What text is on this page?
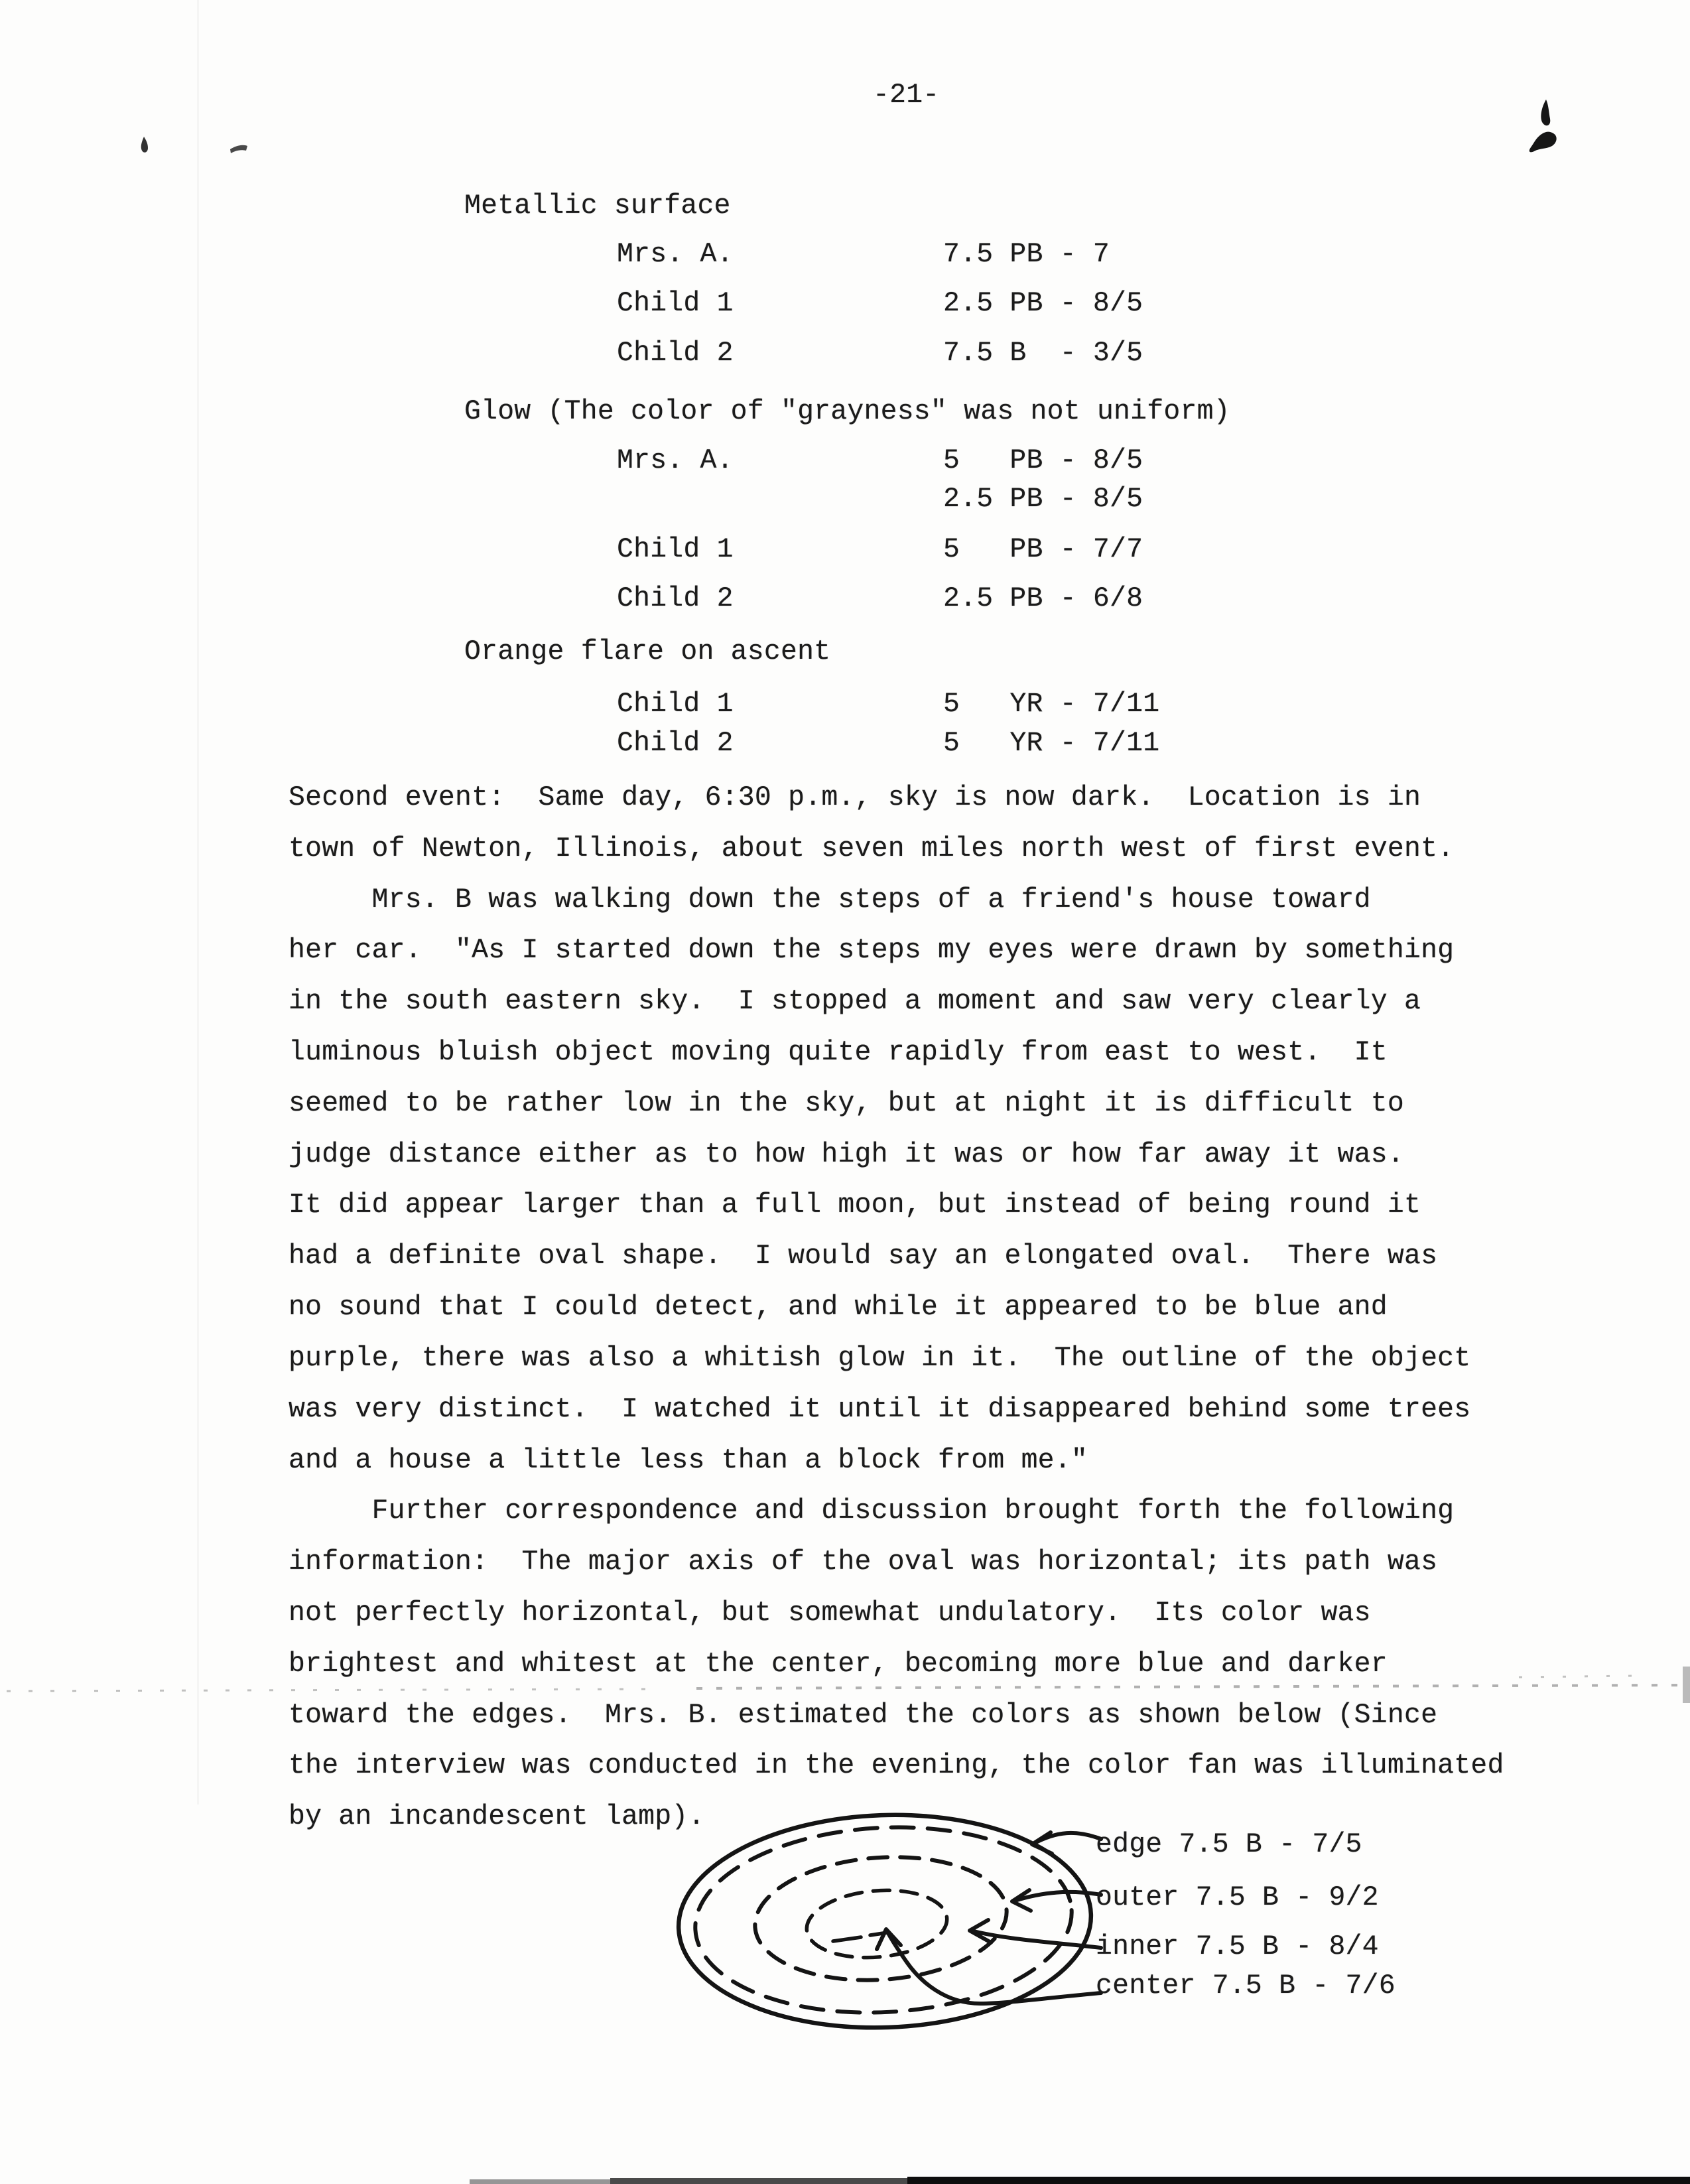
-21-
Metallic surface
Mrs. A.	7.5 PB - 7
Child 1	2.5 PB - 8/5
Child 2	7.5 B  - 3/5
Glow (The color of "grayness" was not uniform)
Mrs. A.	5   PB - 8/5
2.5 PB - 8/5
Child 1	5   PB - 7/7
Child 2	2.5 PB - 6/8
Orange flare on ascent
Child 1	5   YR - 7/11
Child 2	5   YR - 7/11
Second event:  Same day, 6:30 p.m., sky is now dark.  Location is in
town of Newton, Illinois, about seven miles north west of first event.
Mrs. B was walking down the steps of a friend's house toward
her car.  "As I started down the steps my eyes were drawn by something
in the south eastern sky.  I stopped a moment and saw very clearly a
luminous bluish object moving quite rapidly from east to west.  It
seemed to be rather low in the sky, but at night it is difficult to
judge distance either as to how high it was or how far away it was.
It did appear larger than a full moon, but instead of being round it
had a definite oval shape.  I would say an elongated oval.  There was
no sound that I could detect, and while it appeared to be blue and
purple, there was also a whitish glow in it.  The outline of the object
was very distinct.  I watched it until it disappeared behind some trees
and a house a little less than a block from me."
Further correspondence and discussion brought forth the following
information:  The major axis of the oval was horizontal; its path was
not perfectly horizontal, but somewhat undulatory.  Its color was
brightest and whitest at the center, becoming more blue and darker
toward the edges.  Mrs. B. estimated the colors as shown below (Since
the interview was conducted in the evening, the color fan was illuminated
by an incandescent lamp).
edge 7.5 B - 7/5
outer 7.5 B - 9/2
inner 7.5 B - 8/4
center 7.5 B - 7/6
